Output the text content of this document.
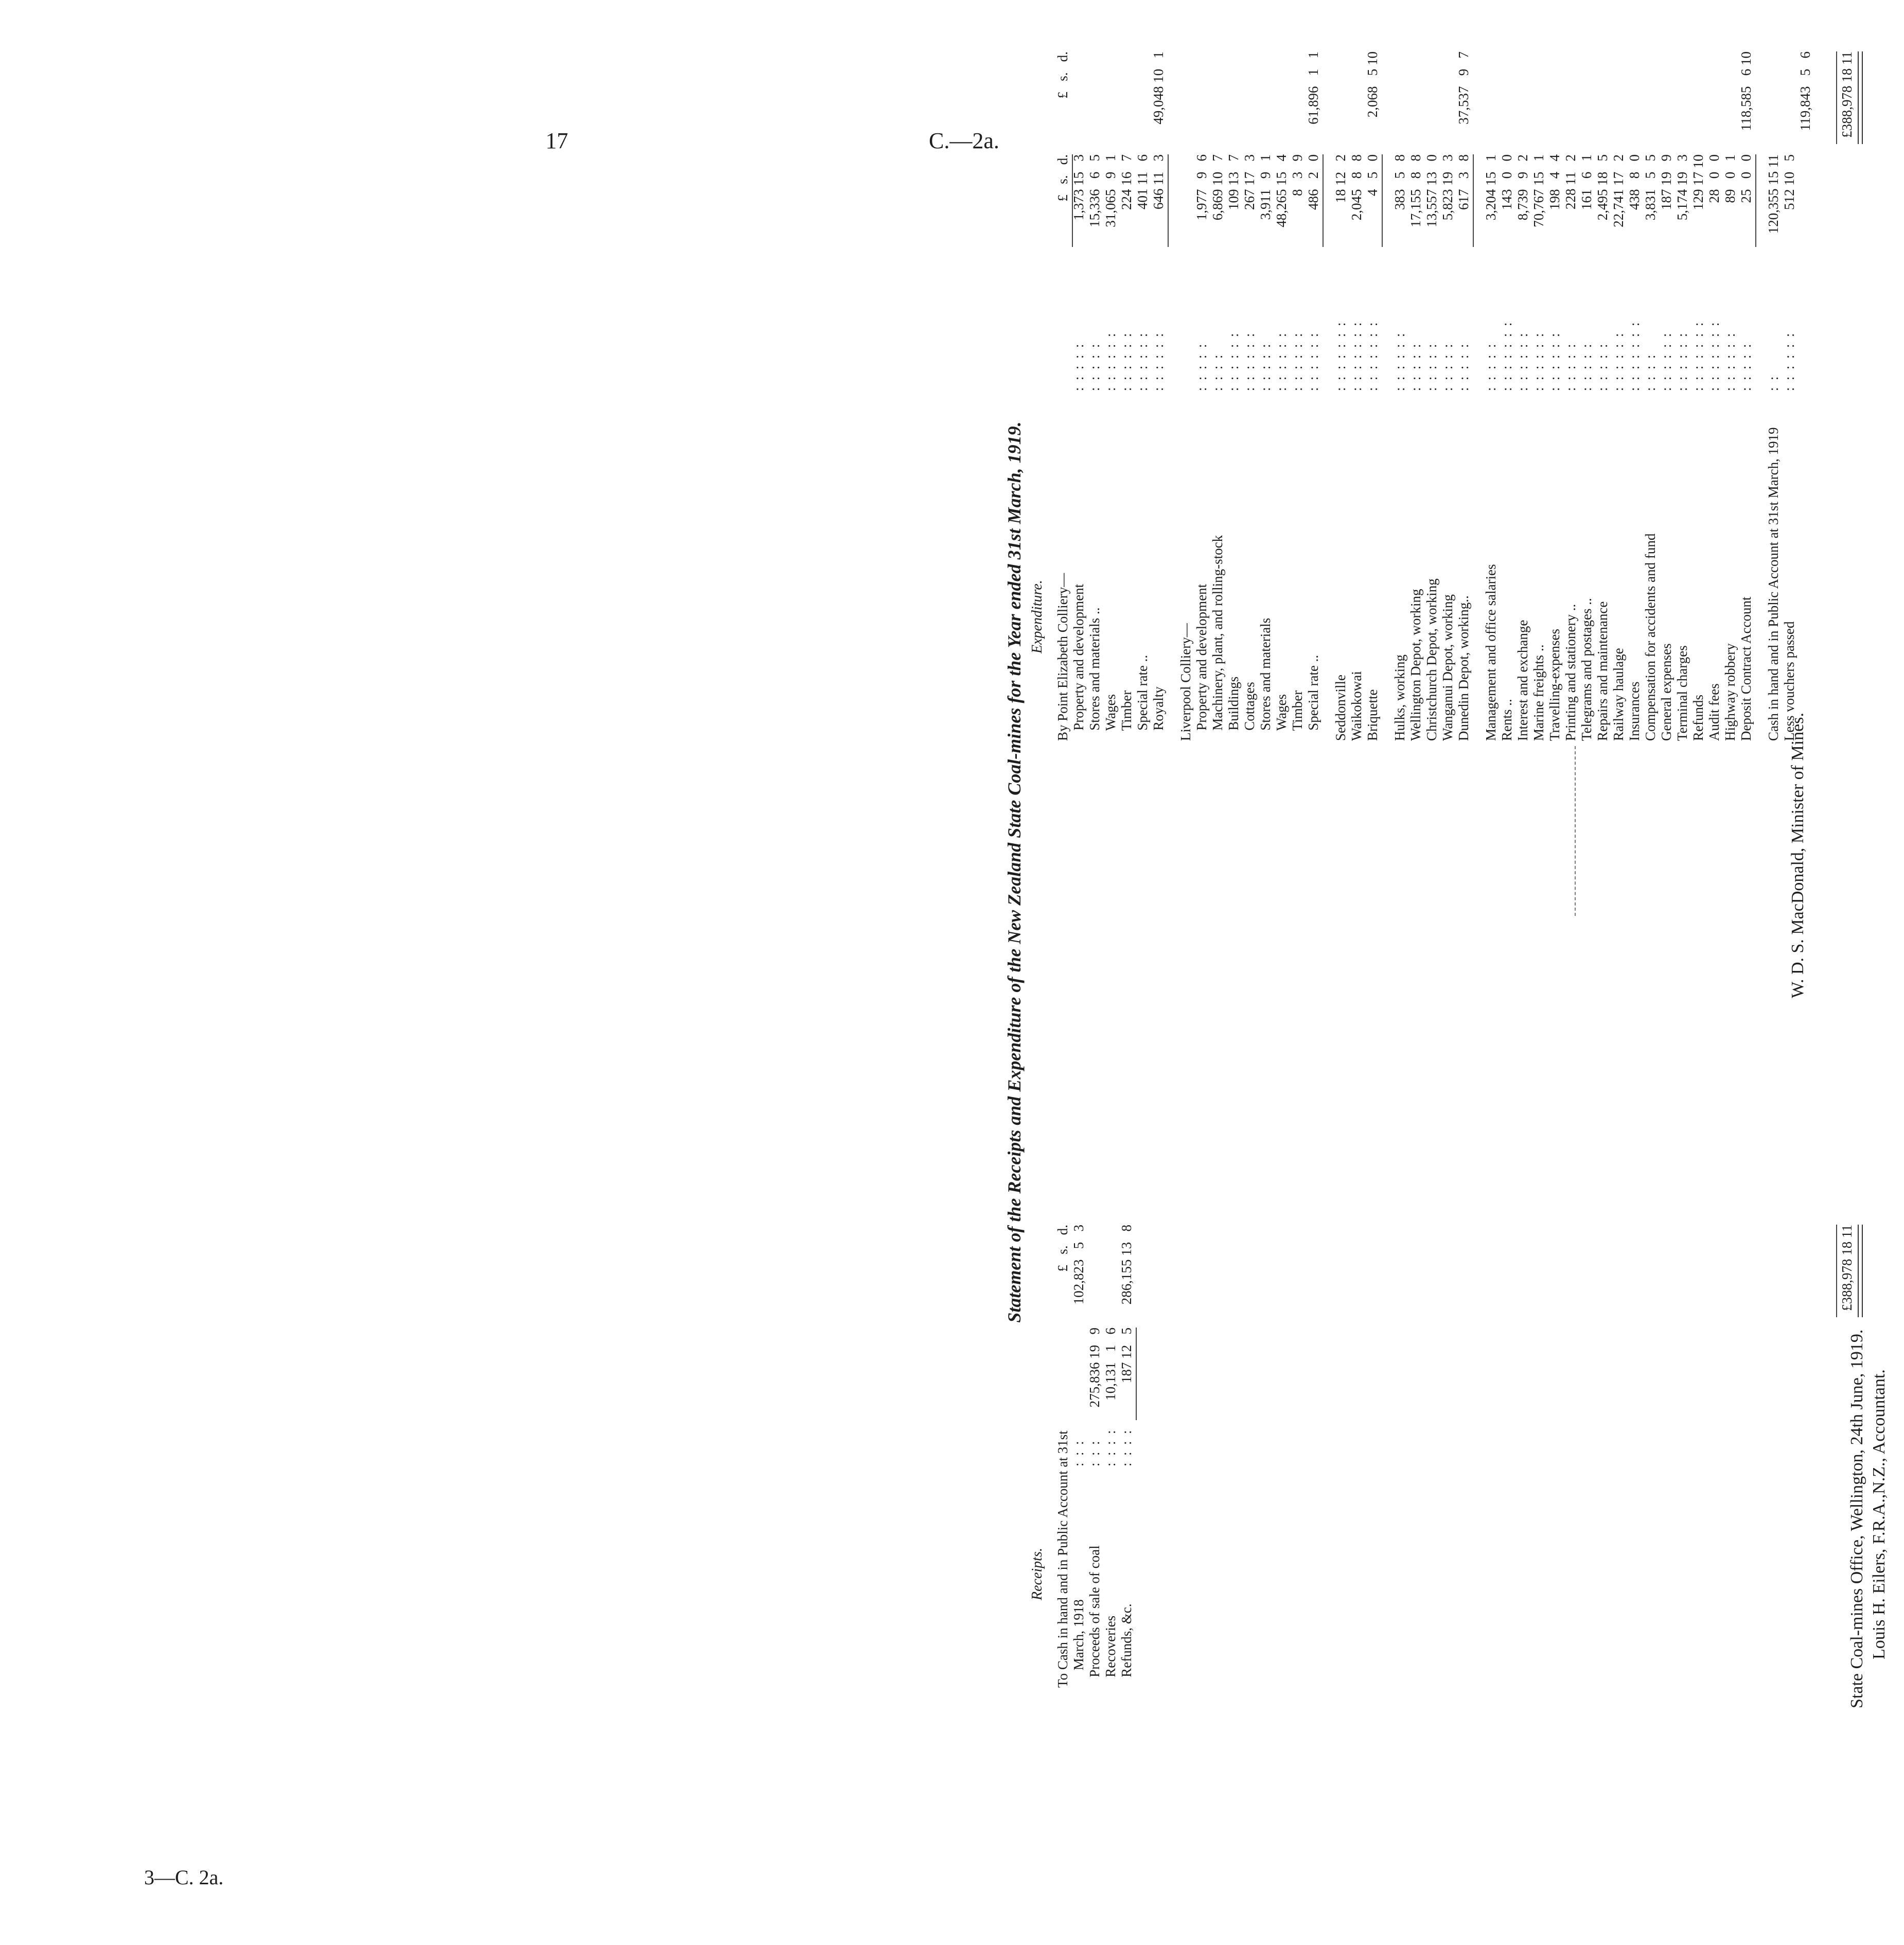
17	C.—2a.
3—C. 2a.
Statement of the Receipts and Expenditure of the New Zealand State Coal-mines for the Year ended 31st March, 1919.
Receipts.
Expenditure.
To Cash in hand and in Public Account at 31st
£   s.   d.
March, 1918
:  :  :
102,823   5   3
Proceeds of sale of coal
:  :  :
275,836 19   9
Recoveries
:  :  :  :
10,131   1   6
Refunds, &c.
:  :  :  :
187 12   5
286,155 13   8
By Point Elizabeth Colliery—
£   s.   d.
£   s.   d.
Property and development
:  :  :  :  :
1,373 15   3
Stores and materials ..
:  :  :  :  :
15,336   6   5
Wages
:  :  :  :  :  :
31,065   9   1
Timber
:  :  :  :  :  :
224 16   7
Special rate ..
:  :  :  :  :  :
401 11   6
Royalty
:  :  :  :  :  :
646 11   3
49,048 10   1
Liverpool Colliery— Property and development
:  :  :  :  :
1,977   9   6
Machinery, plant, and rolling-stock
:  :  :  :
6,869 10   7
Buildings
:  :  :  :  :  :
109 13   7
Cottages
:  :  :  :  :  :
267 17   3
Stores and materials
:  :  :  :  :
3,911   9   1
Wages
:  :  :  :  :  :
48,265 15   4
Timber
:  :  :  :  :  :
8   3   9
Special rate ..
:  :  :  :  :  :
486   2   0
61,896   1   1
Seddonville
:  :  :  :  :  :  :
18 12   2
Waikokowai
:  :  :  :  :  :  :
2,045   8   8
Briquette
:  :  :  :  :  :  :
4   5   0
2,068   5 10
Hulks, working
:  :  :  :  :  :
383   5   8
Wellington Depot, working
:  :  :  :  :
17,155   8   8
Christchurch Depot, working
:  :  :  :  :
13,557 13   0
Wanganui Depot, working
:  :  :  :  :
5,823 19   3
Dunedin Depot, working..
:  :  :  :  :
617   3   8
37,537   9   7
Management and office salaries
:  :  :  :  :
3,204 15   1
Rents ..
:  :  :  :  :  :  :
143   0   0
Interest and exchange
:  :  :  :  :  :
8,739   9   2
Marine freights ..
:  :  :  :  :  :
70,767 15   1
Travelling-expenses
:  :  :  :  :  :
198   4   4
Printing and stationery ..
:  :  :  :  :
228 11   2
Telegrams and postages ..
:  :  :  :  :
161   6   1
Repairs and maintenance
:  :  :  :  :
2,495 18   5
Railway haulage
:  :  :  :  :  :
22,741 17   2
Insurances
:  :  :  :  :  :  :
438   8   0
Compensation for accidents and fund
:  :  :  :
3,831   5   5
General expenses
:  :  :  :  :  :
187 19   9
Terminal charges
:  :  :  :  :  :
5,174 19   3
Refunds
:  :  :  :  :  :  :
129 17 10
Audit fees
:  :  :  :  :  :  :
28   0   0
Highway robbery
:  :  :  :  :  :
89   0   1
Deposit Contract Account
:  :  :  :  :
25   0   0
118,585   6 10
Cash in hand and in Public Account at 31st March, 1919
:  :
120,355 15 11
Less vouchers passed
:  :  :  :  :  :
512 10   5
119,843   5   6
State Coal-mines Office, Wellington, 24th June, 1919. Louis H. Eilers, F.R.A.,N.Z., Accountant.
W. D. S. MacDonald, Minister of Mines.
£388,978 18 11
£388,978 18 11
